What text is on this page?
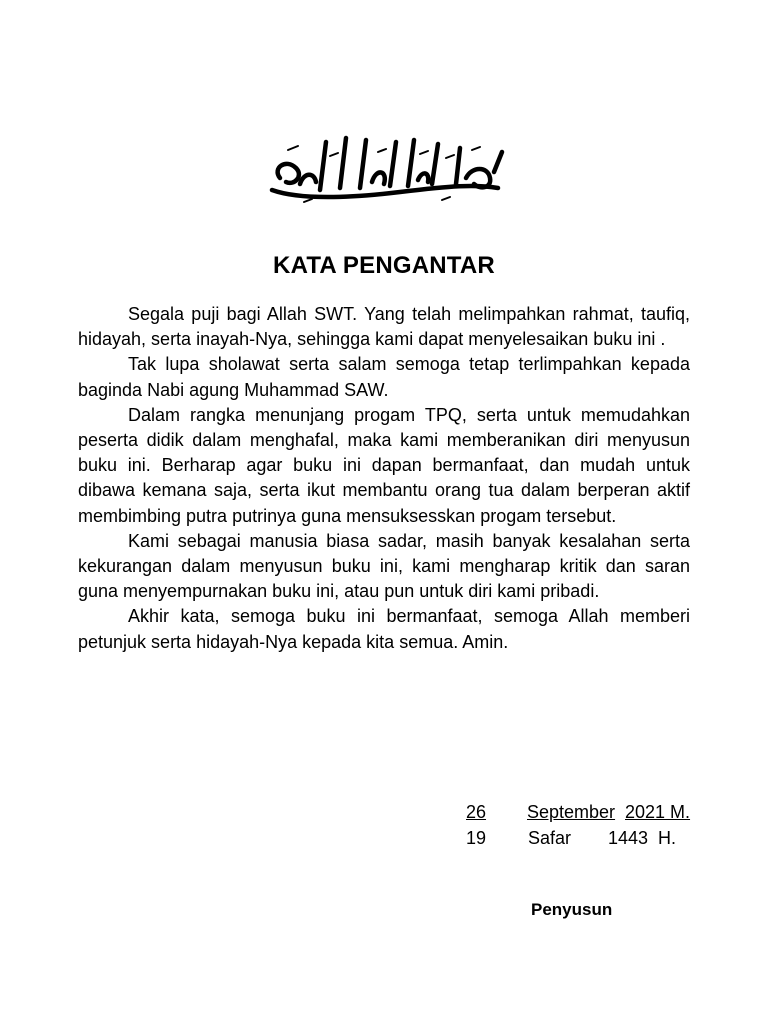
KATA PENGANTAR

Segala puji bagi Allah SWT. Yang telah melimpahkan rahmat, taufiq, hidayah, serta inayah-Nya, sehingga kami dapat menyelesaikan buku ini .

Tak lupa sholawat serta salam semoga tetap terlimpahkan kepada baginda Nabi agung Muhammad SAW.

Dalam rangka menunjang progam TPQ, serta untuk memudahkan peserta didik dalam menghafal, maka kami memberanikan diri menyusun buku ini. Berharap agar buku ini dapan bermanfaat, dan mudah untuk dibawa kemana saja, serta ikut membantu orang tua dalam berperan aktif membimbing putra putrinya guna mensuksesskan progam tersebut.

Kami sebagai manusia biasa sadar, masih banyak kesalahan serta kekurangan dalam menyusun buku ini, kami mengharap kritik dan saran guna menyempurnakan buku ini, atau pun untuk diri kami pribadi.

Akhir kata, semoga buku ini bermanfaat, semoga Allah memberi petunjuk serta hidayah-Nya kepada kita semua. Amin.

26	September 2021 M.
19	Safar	1443  H.
Penyusun
